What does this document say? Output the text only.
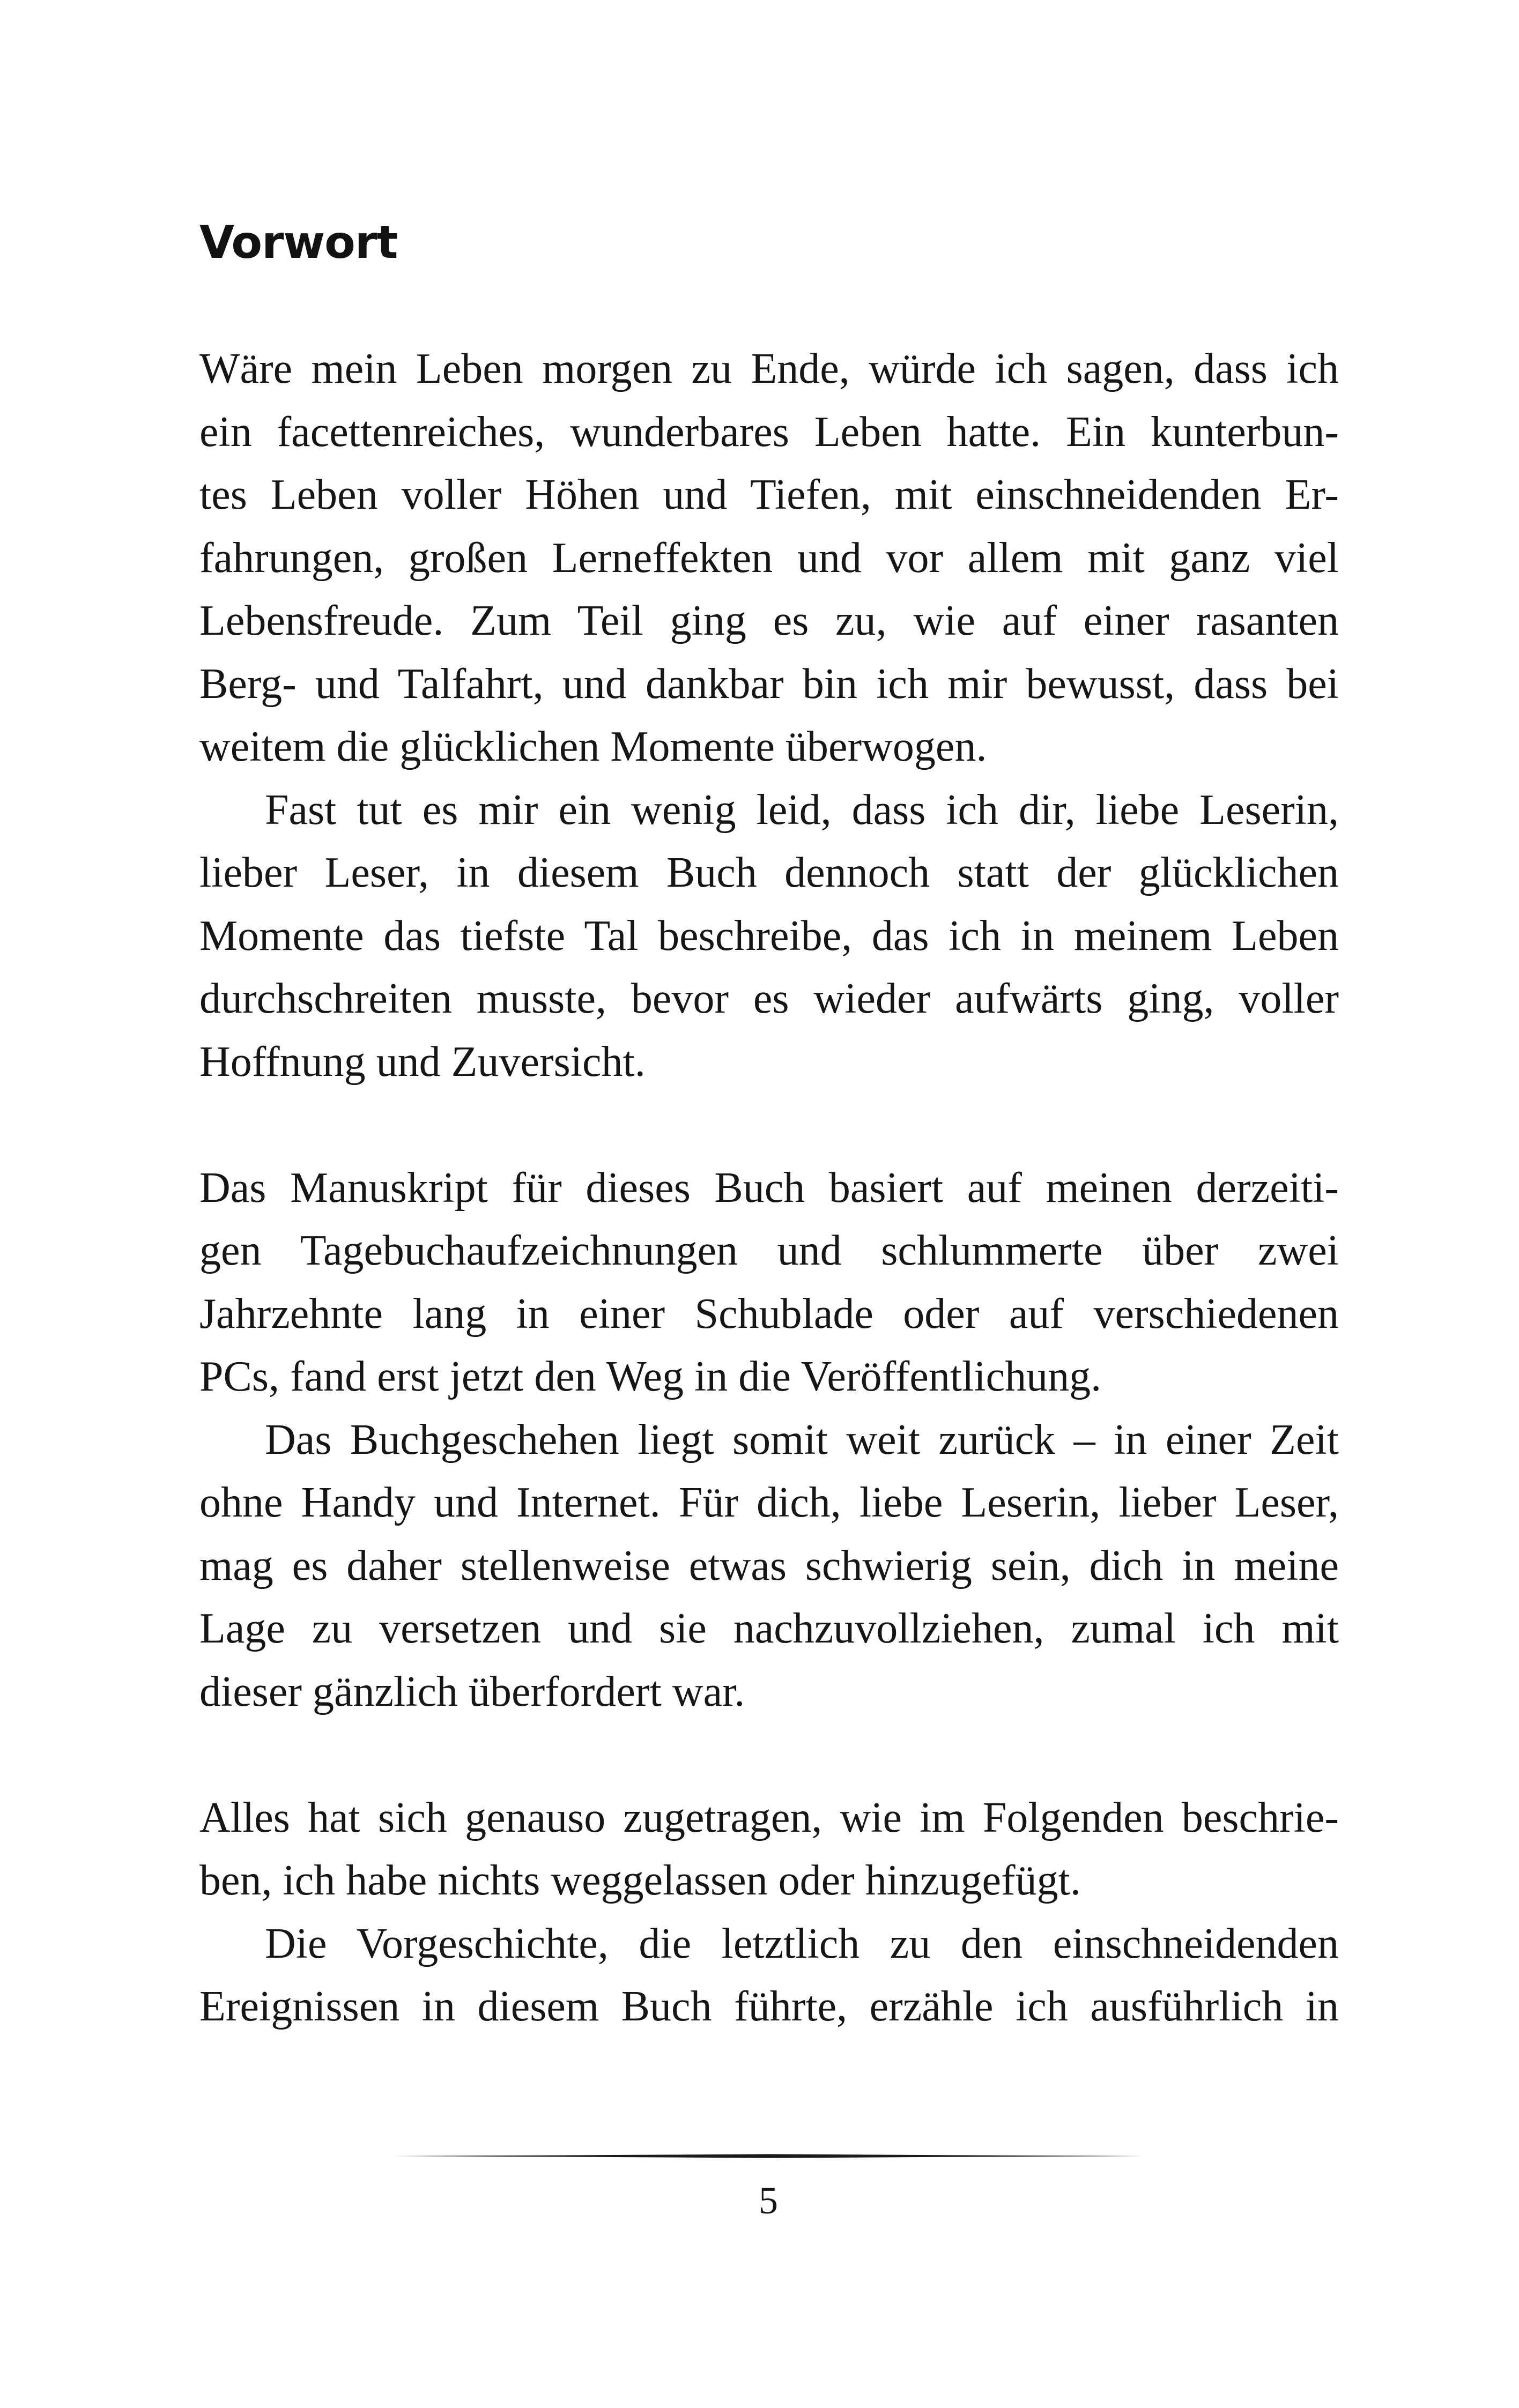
Vorwort
Wäre mein Leben morgen zu Ende, würde ich sagen, dass ich
ein facettenreiches, wunderbares Leben hatte. Ein kunterbun-
tes Leben voller Höhen und Tiefen, mit einschneidenden Er-
fahrungen, großen Lerneffekten und vor allem mit ganz viel
Lebensfreude. Zum Teil ging es zu, wie auf einer rasanten
Berg- und Talfahrt, und dankbar bin ich mir bewusst, dass bei
weitem die glücklichen Momente überwogen.
Fast tut es mir ein wenig leid, dass ich dir, liebe Leserin,
lieber Leser, in diesem Buch dennoch statt der glücklichen
Momente das tiefste Tal beschreibe, das ich in meinem Leben
durchschreiten musste, bevor es wieder aufwärts ging, voller
Hoffnung und Zuversicht.
Das Manuskript für dieses Buch basiert auf meinen derzeiti-
gen Tagebuchaufzeichnungen und schlummerte über zwei
Jahrzehnte lang in einer Schublade oder auf verschiedenen
PCs, fand erst jetzt den Weg in die Veröffentlichung.
Das Buchgeschehen liegt somit weit zurück – in einer Zeit
ohne Handy und Internet. Für dich, liebe Leserin, lieber Leser,
mag es daher stellenweise etwas schwierig sein, dich in meine
Lage zu versetzen und sie nachzuvollziehen, zumal ich mit
dieser gänzlich überfordert war.
Alles hat sich genauso zugetragen, wie im Folgenden beschrie-
ben, ich habe nichts weggelassen oder hinzugefügt.
Die Vorgeschichte, die letztlich zu den einschneidenden
Ereignissen in diesem Buch führte, erzähle ich ausführlich in
5
